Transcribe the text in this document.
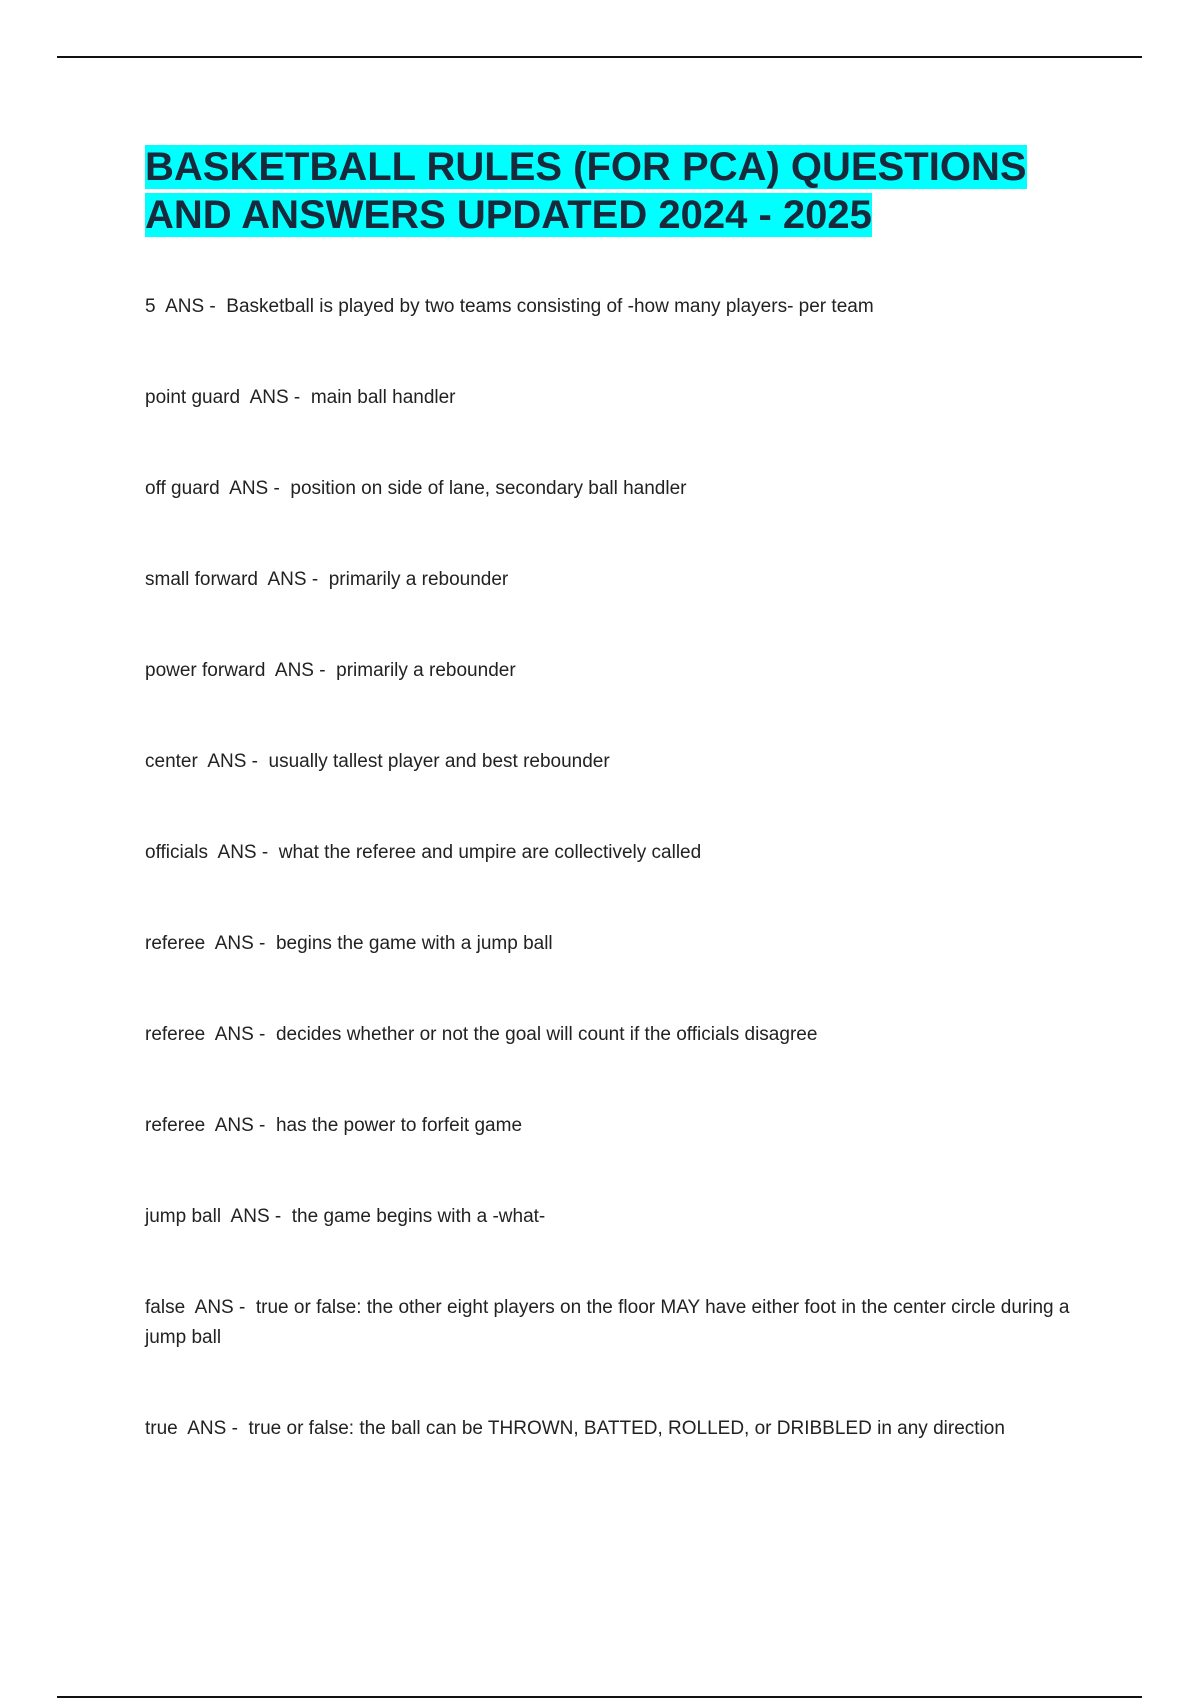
BASKETBALL RULES (FOR PCA) QUESTIONS AND ANSWERS UPDATED 2024 - 2025

5  ANS -  Basketball is played by two teams consisting of -how many players- per team

point guard  ANS -  main ball handler

off guard  ANS -  position on side of lane, secondary ball handler

small forward  ANS -  primarily a rebounder

power forward  ANS -  primarily a rebounder

center  ANS -  usually tallest player and best rebounder

officials  ANS -  what the referee and umpire are collectively called

referee  ANS -  begins the game with a jump ball

referee  ANS -  decides whether or not the goal will count if the officials disagree

referee  ANS -  has the power to forfeit game

jump ball  ANS -  the game begins with a -what-

false  ANS -  true or false: the other eight players on the floor MAY have either foot in the center circle during a jump ball

true  ANS -  true or false: the ball can be THROWN, BATTED, ROLLED, or DRIBBLED in any direction
